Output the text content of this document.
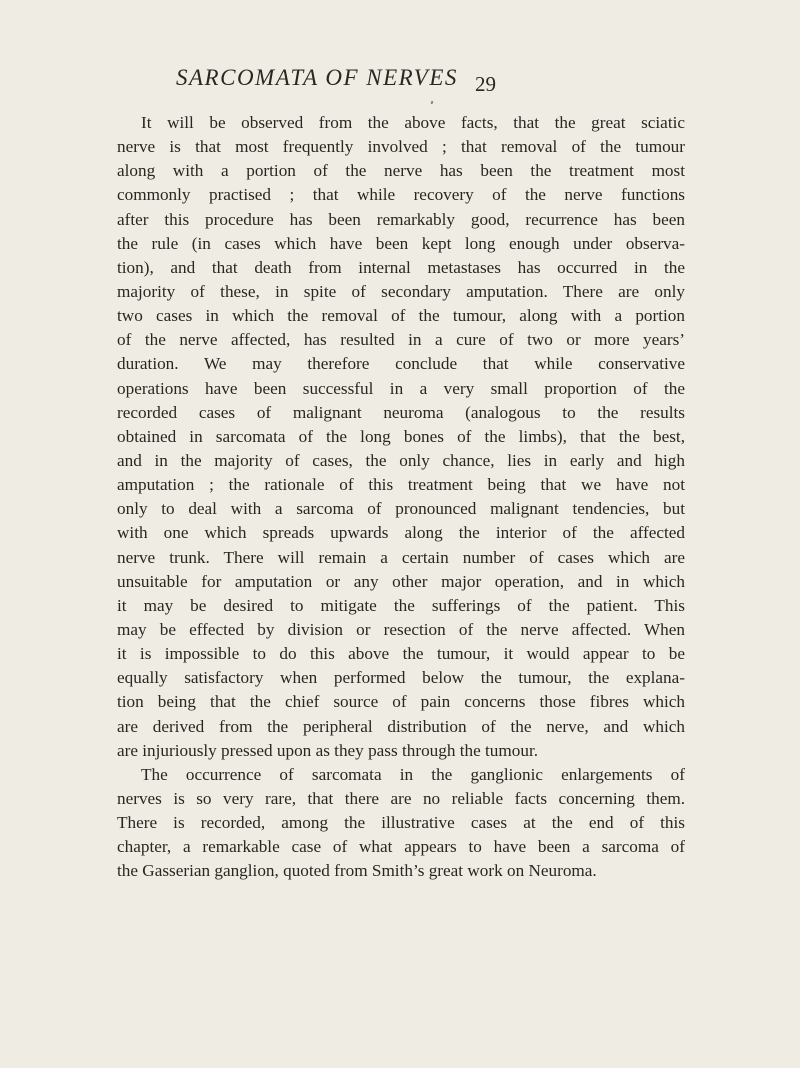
SARCOMATA OF NERVES 29
It will be observed from the above facts, that the great sciatic
nerve is that most frequently involved ; that removal of the tumour
along with a portion of the nerve has been the treatment most
commonly practised ; that while recovery of the nerve functions
after this procedure has been remarkably good, recurrence has been
the rule (in cases which have been kept long enough under observa-
tion), and that death from internal metastases has occurred in the
majority of these, in spite of secondary amputation. There are only
two cases in which the removal of the tumour, along with a portion
of the nerve affected, has resulted in a cure of two or more years’
duration. We may therefore conclude that while conservative
operations have been successful in a very small proportion of the
recorded cases of malignant neuroma (analogous to the results
obtained in sarcomata of the long bones of the limbs), that the best,
and in the majority of cases, the only chance, lies in early and high
amputation ; the rationale of this treatment being that we have not
only to deal with a sarcoma of pronounced malignant tendencies, but
with one which spreads upwards along the interior of the affected
nerve trunk. There will remain a certain number of cases which are
unsuitable for amputation or any other major operation, and in which
it may be desired to mitigate the sufferings of the patient. This
may be effected by division or resection of the nerve affected. When
it is impossible to do this above the tumour, it would appear to be
equally satisfactory when performed below the tumour, the explana-
tion being that the chief source of pain concerns those fibres which
are derived from the peripheral distribution of the nerve, and which
are injuriously pressed upon as they pass through the tumour.
The occurrence of sarcomata in the ganglionic enlargements of
nerves is so very rare, that there are no reliable facts concerning them.
There is recorded, among the illustrative cases at the end of this
chapter, a remarkable case of what appears to have been a sarcoma of
the Gasserian ganglion, quoted from Smith’s great work on Neuroma.
